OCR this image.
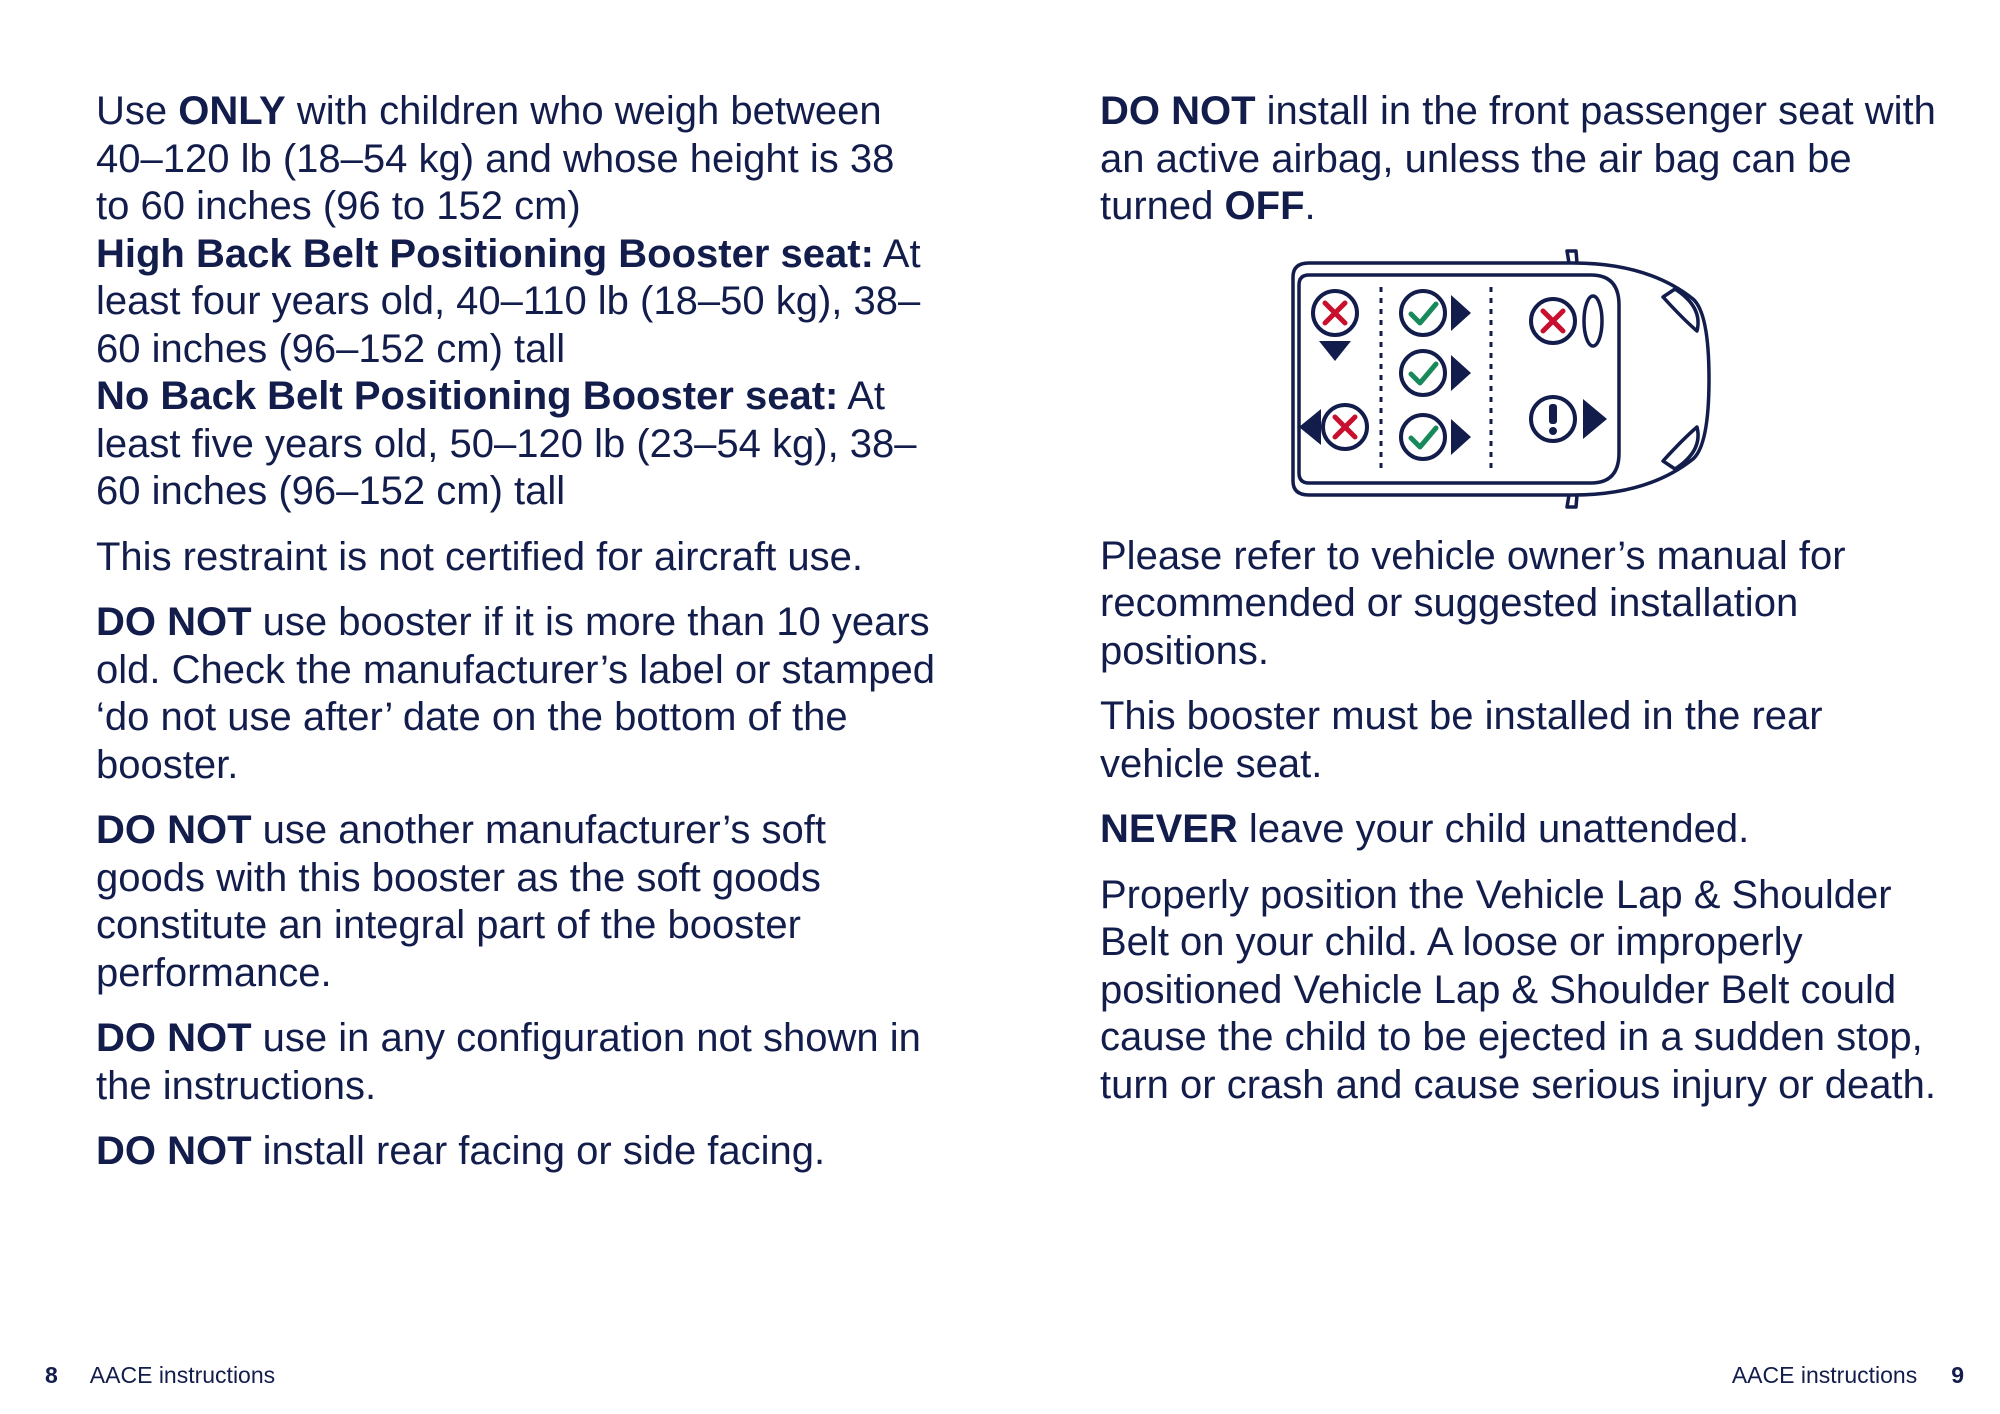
Use ONLY with children who weigh between 40–120 lb (18–54 kg) and whose height is 38 to 60 inches (96 to 152 cm)

High Back Belt Positioning Booster seat: At least four years old, 40–110 lb (18–50 kg), 38–60 inches (96–152 cm) tall

No Back Belt Positioning Booster seat: At least five years old, 50–120 lb (23–54 kg), 38–60 inches (96–152 cm) tall

This restraint is not certified for aircraft use.

DO NOT use booster if it is more than 10 years old. Check the manufacturer’s label or stamped ‘do not use after’ date on the bottom of the booster.

DO NOT use another manufacturer’s soft goods with this booster as the soft goods constitute an integral part of the booster performance.

DO NOT use in any configuration not shown in the instructions.

DO NOT install rear facing or side facing.

DO NOT install in the front passenger seat with an active airbag, unless the air bag can be turned OFF.

Please refer to vehicle owner’s manual for recommended or suggested installation positions.

This booster must be installed in the rear vehicle seat.

NEVER leave your child unattended.

Properly position the Vehicle Lap & Shoulder Belt on your child. A loose or improperly positioned Vehicle Lap & Shoulder Belt could cause the child to be ejected in a sudden stop, turn or crash and cause serious injury or death.

8 AACE instructions	AACE instructions 9
